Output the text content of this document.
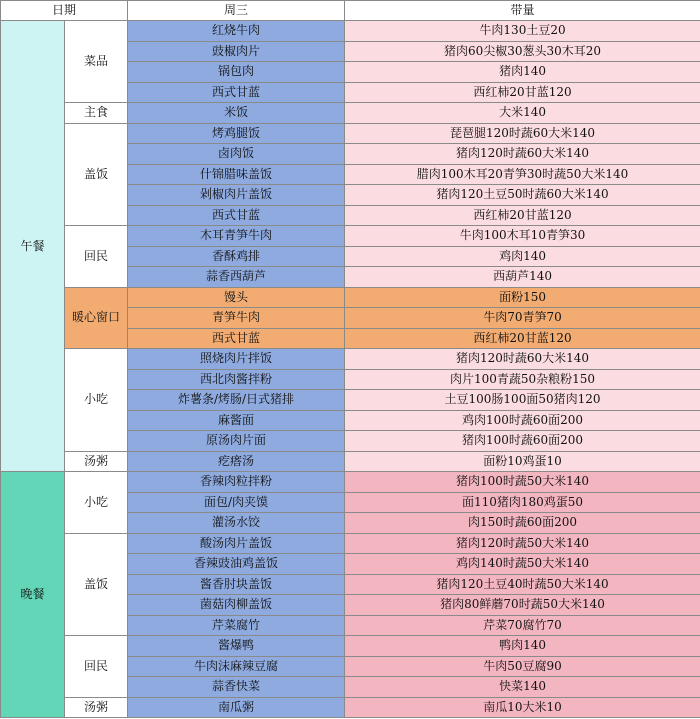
日期		周三	带量
午餐	菜品	红烧牛肉	牛肉130土豆20
		豉椒肉片	猪肉60尖椒30葱头30木耳20
		锅包肉	猪肉140
		西式甘蓝	西红柿20甘蓝120
	主食	米饭	大米140
	盖饭	烤鸡腿饭	琵琶腿120时蔬60大米140
		卤肉饭	猪肉120时蔬60大米140
		什锦腊味盖饭	腊肉100木耳20青笋30时蔬50大米140
		剁椒肉片盖饭	猪肉120土豆50时蔬60大米140
		西式甘蓝	西红柿20甘蓝120
	回民	木耳青笋牛肉	牛肉100木耳10青笋30
		香酥鸡排	鸡肉140
		蒜香西葫芦	西葫芦140
	暖心窗口	馒头	面粉150
		青笋牛肉	牛肉70青笋70
		西式甘蓝	西红柿20甘蓝120
	小吃	照烧肉片拌饭	猪肉120时蔬60大米140
		西北肉酱拌粉	肉片100青蔬50杂粮粉150
		炸薯条/烤肠/日式猪排	土豆100肠100面50猪肉120
		麻酱面	鸡肉100时蔬60面200
		原汤肉片面	猪肉100时蔬60面200
	汤粥	疙瘩汤	面粉10鸡蛋10
晚餐	小吃	香辣肉粒拌粉	猪肉100时蔬50大米140
		面包/肉夹馍	面110猪肉180鸡蛋50
		灌汤水饺	肉150时蔬60面200
	盖饭	酸汤肉片盖饭	猪肉120时蔬50大米140
		香辣豉油鸡盖饭	鸡肉140时蔬50大米140
		酱香肘块盖饭	猪肉120土豆40时蔬50大米140
		菌菇肉柳盖饭	猪肉80鲜蘑70时蔬50大米140
		芹菜腐竹	芹菜70腐竹70
	回民	酱爆鸭	鸭肉140
		牛肉沫麻辣豆腐	牛肉50豆腐90
		蒜香快菜	快菜140
	汤粥	南瓜粥	南瓜10大米10
